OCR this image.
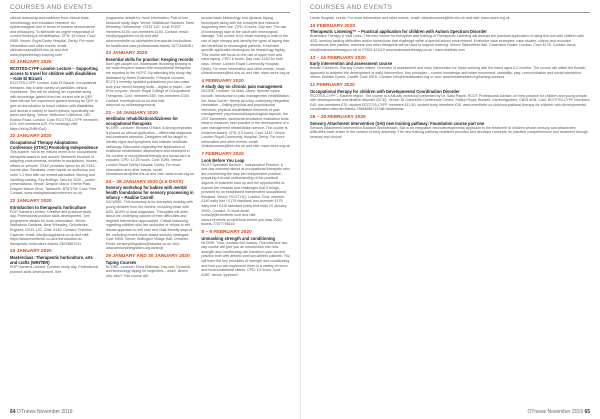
COURSES AND EVENTS
clinical reasoning and evidence from clinical trials, neurobiology and education research. An epistemological turn in terms of modern neuroscience and philosophy. To stimulate an urgent reappraisal of current thinking in rehabilitation. CPD: 18 hours. Cost: £595. Venue: Royal Derby Hospital, Derby. For more information and other events, email: clinicalcourses@bht.nhs.uk and visit www.physiotherapy-training.com
22 JANUARY 2020
RCOTSS-CYPF London Lecture – Supporting access to travel for children with disabilities – Kate El Bizanti
RCOTSS-CYPF London. Kate El Bizanti, occupational therapist, has a wide variety of paediatric clinical experience. She will be sharing her expertise along with knowledge gained from her current role at QEF. Kate will use her experience gained working for QEF to give an introduction to travel children with disabilities and access a variety of travel options, specifically car travel and flying. Venue: Wellcome Collection, 183 Euston Road, London. Cost: RCOTSS-CYPF members £10; non-members £20. For bookings visit: https://bit.ly/2NRHGpQ
22 JANUARY 2020
Occupational Therapy Adaptations Conference (OTAC) Promoting Independence
This superb, not to be missed event is for occupational therapists based in and around Tamworth involved in adapting environments, whether in workplaces, homes, offices or schools. OTAC provides option for all OTAC events plus: Seminars, more hands on workshop and more 1:1 time with our invited advocates. Moving and handling training. Key findings. New for 2020 – poster presentations. Venue: Drayton Manor Theme Park, Drayton Manor Drive, Tamworth, B78 3TW. Cost: Free. Contact: www.otadaptationsconference.co.uk
22 JANUARY 2020
Introduction to therapeutic horticulture
POP Gardens Limited. Creative and practical study day. Professional practice skills development. See programme details for more information. Venue: Walkabout Gardens, Near Wheatley, Oxfordshire, England, OX33 1JG. Cost: £140. Contact: Christine Capener, email: info@popgardens.co.uk and visit: https://www.eventbrite.co.uk/e/introduction-to-therapeutic-horticulture-tickets-78978867241
23 JANUARY 2020
Masterclass: Therapeutic horticulture, arts and crafts (WINTER)
POP Gardens Limited. Creative study day. Professional practice skills development. See
programme details for more information. Part of four seasonal study days. Venue: Walkabout Gardens, Near Wheatley, Oxfordshire, OX33 1JG. Cost: POST members £135; non-members £150. Contact: email: info@popgardens.co.uk and visit: www.eventbrite.co.uk/e/winter-therapeutic-horticulture-for-health-and-care-professionals-tickets-78774406461
23 JANUARY 2020
Essential skills for practice: Keeping records
Don't get caught out. Inadequate recording keeping is the most frequent reason that occupational therapists are reported to the HCPC. By attending this study day facilitated by Helen Rushworth, Principal Lecturer, RCOT's recently updated publications you can make sure your record keeping skills – digital or paper – are fit for purpose. Venue: Royal College of Occupational Therapists. Cost: members £50; non-members £100. Contact: events@rcot.co.uk and visit: www.rcot.co.uk/keepingrecords
23 – 24 JANUARY 2020
Vestibular rehabilitation/dizziness for occupational therapists
NCORE. Lecturer: Richard O'Hara. A strong emphasis is placed on clinical application – differential diagnosis and treatment selection. Delegates will be taught to identify signs and symptoms that indicate vestibular pathology. Discussion regarding the application of vestibular rehabilitation assessment and treatment in the context of occupational therapy and social care is included. CPD: 12.25 hours. Cost: £395. Venue: London Royal Derby Hospital, Derby. For more information and other events, email: clinicalcourses@bht.nhs.uk and visit: www.ncore.org.uk
24 – 26 JANUARY 2020 (2.5 DAYS)
Sensory workshop for babies with mental health foundations for sensory processing in infancy – Pauline Carroll
ASI WISE. This workshop is for therapists working with young children from six months, including those with ASD, ADHD or dual diagnoses. Therapists will learn about the underlying causes of their difficulties and targeted intervention approaches. Critical reasoning regarding children who are seductive or refuse to self refusal approach to self care and child-friendly ways of life, including recent home-based sensory strategies. Cost: £595. Venue: Bollington Village Hall, Cheshire. Email: sensoryintegration@asiwise.co.uk Visit: www.sensoryintegration.org.uk/shop
29 JANUARY AND 30 JANUARY 2020
Taping Courses
NCORE. Lecturer: Erica Millichap. Day one: Dynamic and kinesiology taping for beginners – when, where, why, who? This course will
involve basic kinesiology and dynamic taping techniques along with the concepts and research supporting their use. CPD: 6 hours. Day two: The use of kinesiology tape in the adult with neurological damage. This course is for those wishing to train in the use of tape therapy and identify the types of taping that are beneficial to neurological patients. It includes specific application techniques for kinesiology taping. This course will focus on the use of upper limb and hand taping. CPD: 6 hours. Day cost: £160 for both days. Venue: London Royal Community Hospital, Derby. For more information and other events, email: clinicalcourses@bht.nhs.uk and visit: www.ncore.org.uk
4 FEBRUARY 2020
A study day on chronic pain management
NCORE. Lecturer: Dr Mark Janes. Specific topics include: Introduction to pain management rehabilitation; the Jisan Corner; theory as a key underlying integrative foundation – linking physical and psychosocial elements; physical rehabilitation elements of pain management; psychosocial/psychological aspects; the OST framework; assessment/outcome evaluation tools; what to measure; best practice in the development of a pain management rehabilitation service. The course is evidence-based. CPD: 6.5 hours. Cost: £110. Venue: London Royal Community Hospital, Derby. For more information and other events, email: clinicalcourses@bht.nhs.uk and visit: www.ncore.org.uk
7 FEBRUARY 2020
Look Before You Leap
RCOT Specialist Section – Independent Practice. A one-day overview aimed at occupational therapists who are considering the leap into independent practice, preparing a broad understanding of the practical aspects of business start up and the opportunities to explore the rewards and challenges that it brings, provided by an established independent occupational therapist. Venue: RCOT HQ, London. Cost: member £140 early bird / £175 standard; non-member £175 early bird / £210 standard (early bird ends 10 January 2020). Contact: To book email: rcotssip@eventbrite.com and visit: www.eventbrite.co.uk/e/look-before-you-leap-2020-tickets-77877798163
8 – 9 FEBRUARY 2020
Unmasking strength and conditioning
NCORE. Tutor: Andrew McCluskey. This intensive two-day course will give you an introduction into how strength and conditioning can transform your current practice both with athletic and non-athletic patients. You will learn the key principles of strength and conditioning and how you can implement them in a variety of neuro and musculoskeletal clients. CPD: 15 hours. Cost: £280. Venue: Ipplewell
64 OTnews November 2019
COURSES AND EVENTS
Leeds Hospital, Leeds. For more information and other events, email: clinicalcourses@bht.nhs.uk and visit: www.ncore.org.uk
10 FEBRUARY 2020
Therapeutic Listening™ – Practical application for children with Autism Spectrum Disorder
Brainwave Therapy & Vital Links. This intro course for therapists with training in Therapeutic Listening will discuss the practical application of using this tool with children with ASD, sensory tasking difficulties and/or behaviours that challenge within a special school environment. Extensive case examples, case studies, videos and recorded discussions with parents, teachers and other therapists will be used to support learning. Venue: Blanchfield Hall, Cavendish House, London. Cost: £175. Contact: Anna, info@brainwavetherapy.co.uk or 07920 421119 www.brainwavetherapy.co.uk / www.vitallinks.com
13 – 15 FEBRUARY 2020
Early intervention and assessment course
Bobath Children's Therapy Centre Wales. Overview of assessment and early intervention for those working with the infant aged 0-2 months. The course will utilise the Bobath approach to address the development of early intervention. Key principles – current knowledge and infant movement, variability, play, communication and social interaction. Venue: Bobath Cymru, Cardiff. Cost: £525. Contact: info@bobathwales.org or visit: www.bobathwales.org/training-courses
11 FEBRUARY 2020
Occupational therapy for children with Developmental Coordination Disorder
RCOTSS-CYPF – Eastern region. The course is a full-day workshop presented by Dr. Sally Payne, RCOT Professional Adviser, on best practice for children and young people with developmental coordination disorder (DCD). Venue: St Columba's Conference Centre, Station Road, Burwell, Cambridgeshire, CB25 0DN. Cost: RCOTSS-CYPF members £40; non-members £70; student RCOTSS-CYPF members £11.50; student body members £35. www.eventbrite.co.uk/e/occupational-therapy-for-children-with-developmental-coordination-disorder-tickets-73868686713?aff=ebdssbeac
26 – 28 FEBRUARY 2020
Sensory Attachment Intervention (SAI) new training pathway: Foundation course part one
Sensory Attachment Intervention Eadaoin Bhreathnach. SAI is an integrative neurodevelopmental approach to the treatment of children whose sensory and attachment difficulties have arisen in the context of early adversity. The new training pathway redefines provides and develops concepts for practical comprehension and treatment through sensory and clinical
OTnews November 2019 65
